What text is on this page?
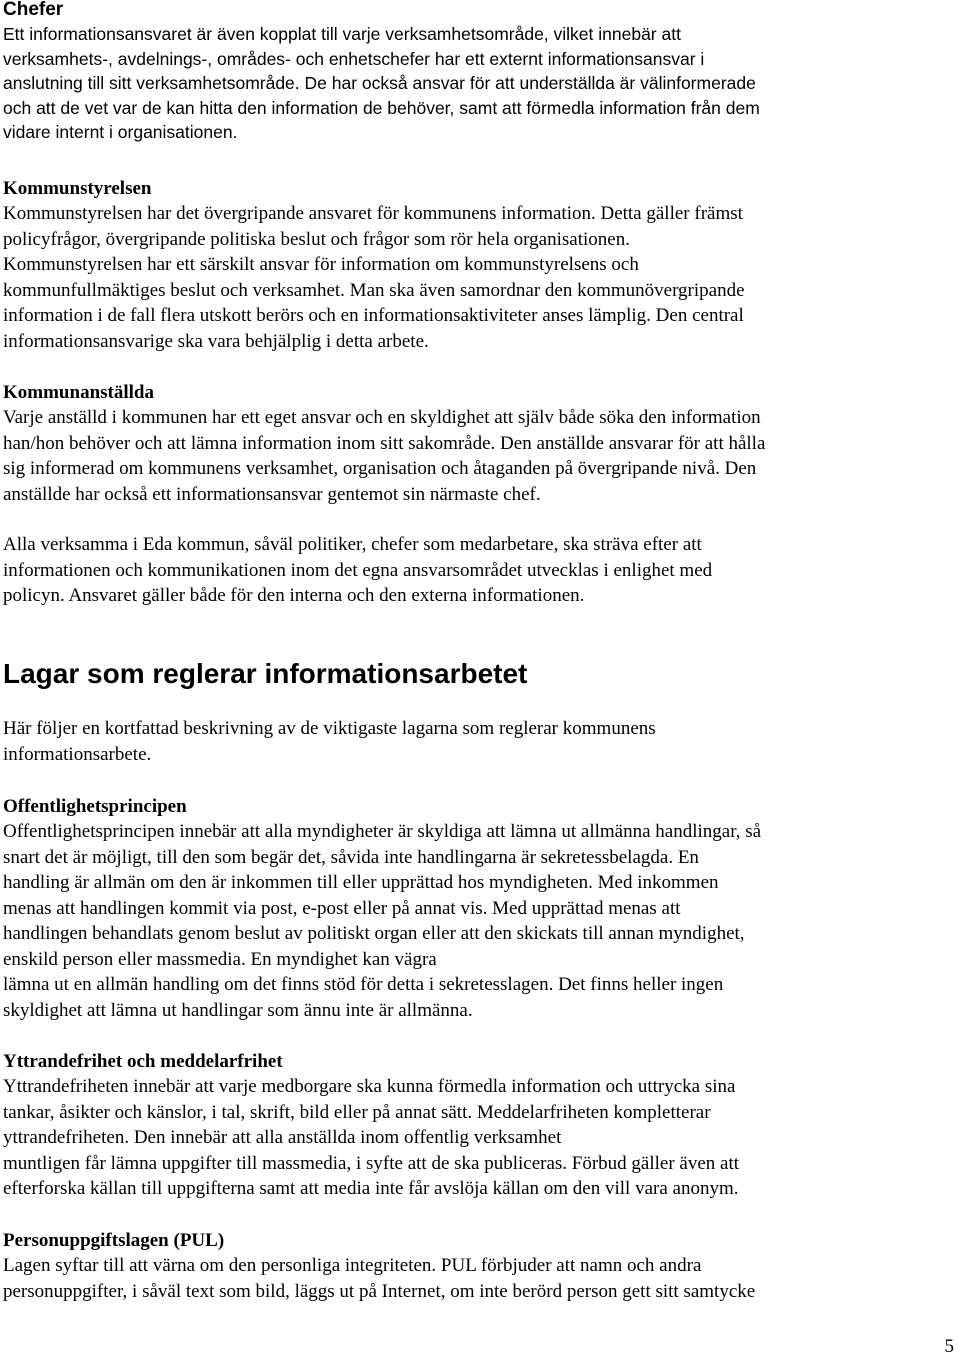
Chefer

Ett informationsansvaret är även kopplat till varje verksamhetsområde, vilket innebär att
verksamhets-, avdelnings-, områdes- och enhetschefer har ett externt informationsansvar i
anslutning till sitt verksamhetsområde. De har också ansvar för att underställda är välinformerade
och att de vet var de kan hitta den information de behöver, samt att förmedla information från dem
vidare internt i organisationen.

Kommunstyrelsen

Kommunstyrelsen har det övergripande ansvaret för kommunens information. Detta gäller främst
policyfrågor, övergripande politiska beslut och frågor som rör hela organisationen.
Kommunstyrelsen har ett särskilt ansvar för information om kommunstyrelsens och
kommunfullmäktiges beslut och verksamhet. Man ska även samordnar den kommunövergripande
information i de fall flera utskott berörs och en informationsaktiviteter anses lämplig. Den central
informationsansvarige ska vara behjälplig i detta arbete.

Kommunanställda

Varje anställd i kommunen har ett eget ansvar och en skyldighet att själv både söka den information
han/hon behöver och att lämna information inom sitt sakområde. Den anställde ansvarar för att hålla
sig informerad om kommunens verksamhet, organisation och åtaganden på övergripande nivå. Den
anställde har också ett informationsansvar gentemot sin närmaste chef.

Alla verksamma i Eda kommun, såväl politiker, chefer som medarbetare, ska sträva efter att
informationen och kommunikationen inom det egna ansvarsområdet utvecklas i enlighet med
policyn. Ansvaret gäller både för den interna och den externa informationen.

Lagar som reglerar informationsarbetet

Här följer en kortfattad beskrivning av de viktigaste lagarna som reglerar kommunens
informationsarbete.

Offentlighetsprincipen

Offentlighetsprincipen innebär att alla myndigheter är skyldiga att lämna ut allmänna handlingar, så
snart det är möjligt, till den som begär det, såvida inte handlingarna är sekretessbelagda. En
handling är allmän om den är inkommen till eller upprättad hos myndigheten. Med inkommen
menas att handlingen kommit via post, e-post eller på annat vis. Med upprättad menas att
handlingen behandlats genom beslut av politiskt organ eller att den skickats till annan myndighet,
enskild person eller massmedia. En myndighet kan vägra
lämna ut en allmän handling om det finns stöd för detta i sekretesslagen. Det finns heller ingen
skyldighet att lämna ut handlingar som ännu inte är allmänna.

Yttrandefrihet och meddelarfrihet

Yttrandefriheten innebär att varje medborgare ska kunna förmedla information och uttrycka sina
tankar, åsikter och känslor, i tal, skrift, bild eller på annat sätt. Meddelarfriheten kompletterar
yttrandefriheten. Den innebär att alla anställda inom offentlig verksamhet
muntligen får lämna uppgifter till massmedia, i syfte att de ska publiceras. Förbud gäller även att
efterforska källan till uppgifterna samt att media inte får avslöja källan om den vill vara anonym.

Personuppgiftslagen (PUL)

Lagen syftar till att värna om den personliga integriteten. PUL förbjuder att namn och andra
personuppgifter, i såväl text som bild, läggs ut på Internet, om inte berörd person gett sitt samtycke

5
